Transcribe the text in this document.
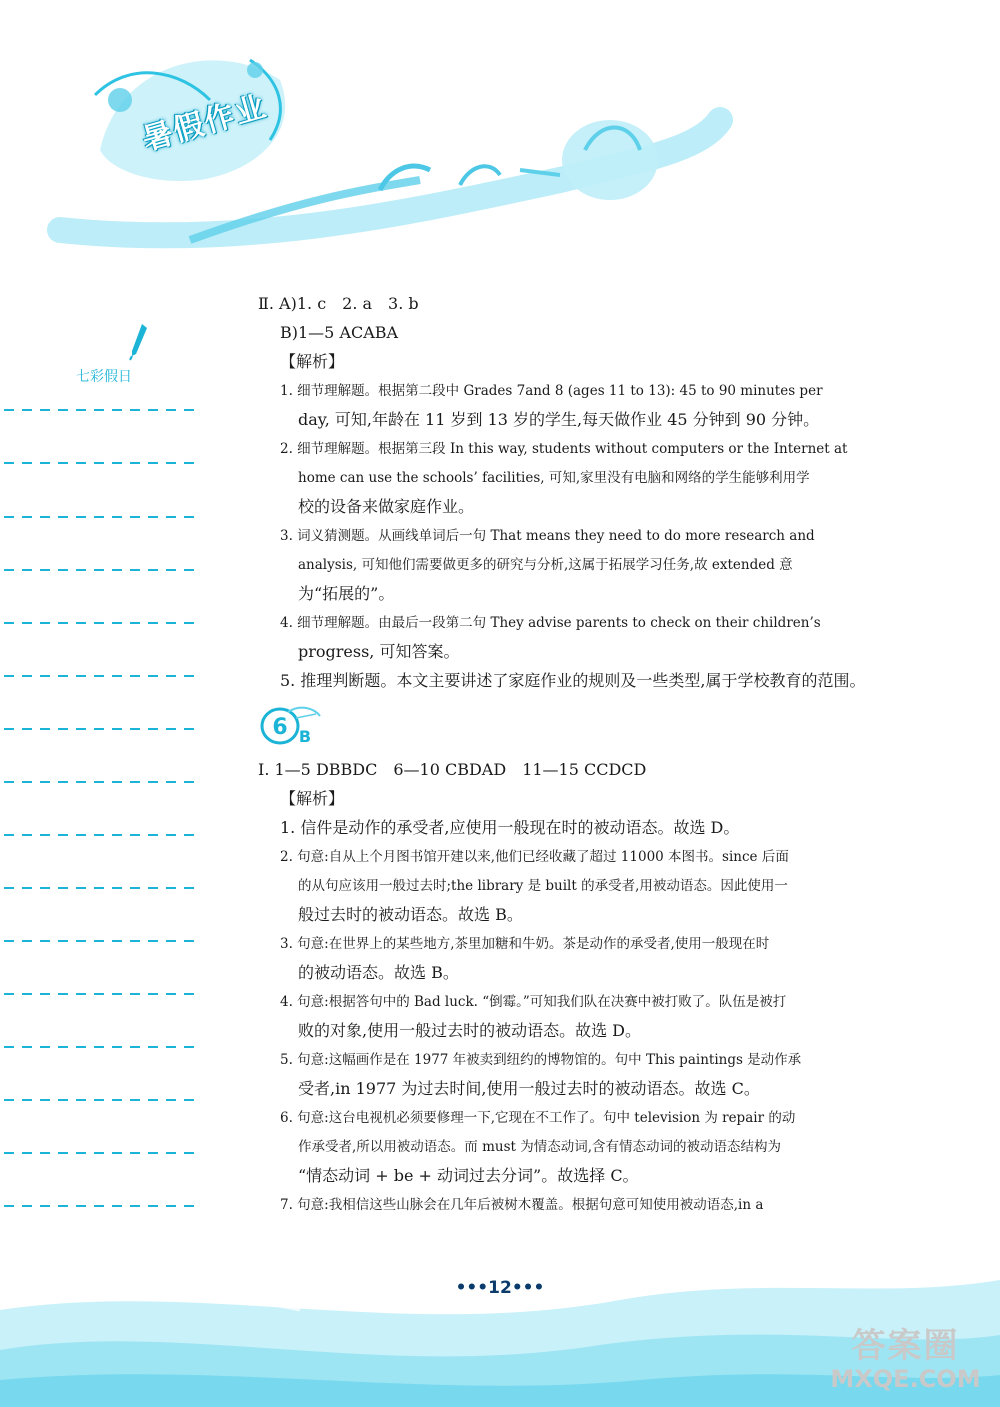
暑假作业
七彩假日
Ⅱ. A)1. c　2. a　3. b
B)1—5 ACABA
【解析】
1. 细节理解题。根据第二段中 Grades 7and 8 (ages 11 to 13): 45 to 90 minutes per
day, 可知,年龄在 11 岁到 13 岁的学生,每天做作业 45 分钟到 90 分钟。
2. 细节理解题。根据第三段 In this way, students without computers or the Internet at
home can use the schools’ facilities, 可知,家里没有电脑和网络的学生能够利用学
校的设备来做家庭作业。
3. 词义猜测题。从画线单词后一句 That means they need to do more research and
analysis, 可知他们需要做更多的研究与分析,这属于拓展学习任务,故 extended 意
为“拓展的”。
4. 细节理解题。由最后一段第二句 They advise parents to check on their children’s
progress, 可知答案。
5. 推理判断题。本文主要讲述了家庭作业的规则及一些类型,属于学校教育的范围。
6 B
Ⅰ. 1—5 DBBDC　6—10 CBDAD　11—15 CCDCD
【解析】
1. 信件是动作的承受者,应使用一般现在时的被动语态。故选 D。
2. 句意:自从上个月图书馆开建以来,他们已经收藏了超过 11000 本图书。since 后面
的从句应该用一般过去时;the library 是 built 的承受者,用被动语态。因此使用一
般过去时的被动语态。故选 B。
3. 句意:在世界上的某些地方,茶里加糖和牛奶。茶是动作的承受者,使用一般现在时
的被动语态。故选 B。
4. 句意:根据答句中的 Bad luck. “倒霉。”可知我们队在决赛中被打败了。队伍是被打
败的对象,使用一般过去时的被动语态。故选 D。
5. 句意:这幅画作是在 1977 年被卖到纽约的博物馆的。句中 This paintings 是动作承
受者,in 1977 为过去时间,使用一般过去时的被动语态。故选 C。
6. 句意:这台电视机必须要修理一下,它现在不工作了。句中 television 为 repair 的动
作承受者,所以用被动语态。而 must 为情态动词,含有情态动词的被动语态结构为
“情态动词 + be + 动词过去分词”。故选择 C。
7. 句意:我相信这些山脉会在几年后被树木覆盖。根据句意可知使用被动语态,in a
•••12•••
答案圈
MXQE.COM
